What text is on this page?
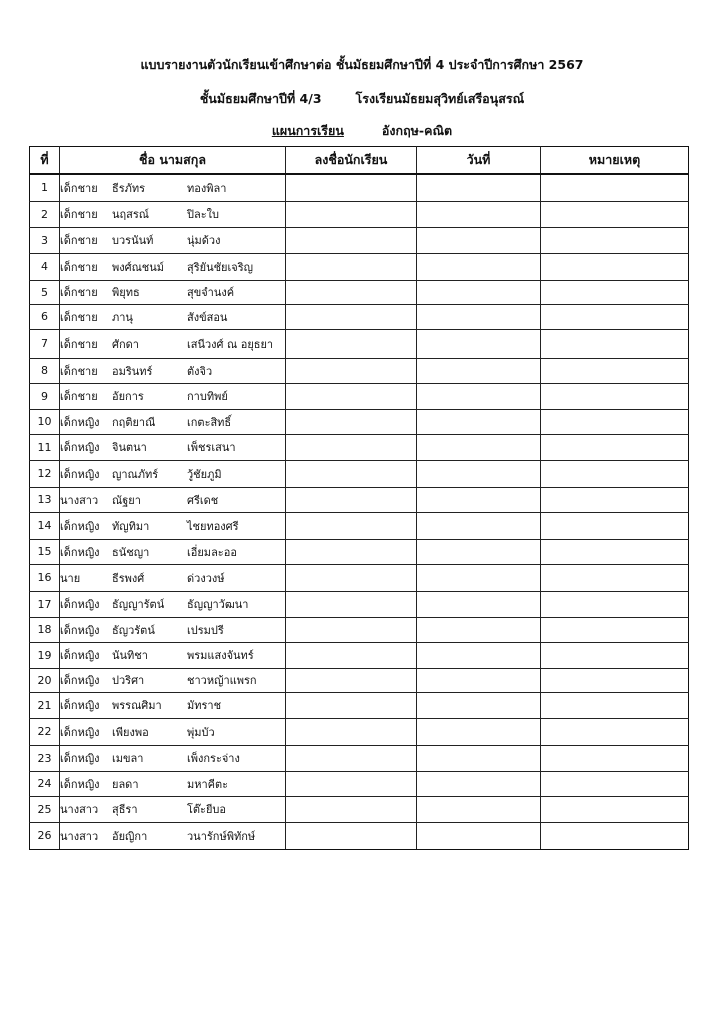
แบบรายงานตัวนักเรียนเข้าศึกษาต่อ ชั้นมัธยมศึกษาปีที่ 4 ประจำปีการศึกษา 2567
ชั้นมัธยมศึกษาปีที่ 4/3	โรงเรียนมัธยมสุวิทย์เสรีอนุสรณ์
แผนการเรียน	อังกฤษ-คณิต
ที่	ชื่อ นามสกุล	ลงชื่อนักเรียน	วันที่	หมายเหตุ
1	เด็กชาย ธีรภัทร ทองพิลา			
2	เด็กชาย นฤสรณ์ ปิละใบ			
3	เด็กชาย บวรนันท์ นุ่มด้วง			
4	เด็กชาย พงศ์ณชนม์ สุริยันชัยเจริญ			
5	เด็กชาย พิยุทธ สุขจำนงค์			
6	เด็กชาย ภานุ สังข์สอน			
7	เด็กชาย ศักดา เสนีวงศ์ ณ อยุธยา			
8	เด็กชาย อมรินทร์ ตังจิว			
9	เด็กชาย อัยการ กาบทิพย์			
10	เด็กหญิง กฤติยาณี เกตะสิทธิ์			
11	เด็กหญิง จินตนา เพ็ชรเสนา			
12	เด็กหญิง ญาณภัทร์ วู้ชัยภูมิ			
13	นางสาว ณัฐยา ศรีเดช			
14	เด็กหญิง ทัญทิมา ไชยทองศรี			
15	เด็กหญิง ธนัชญา เอี่ยมละออ			
16	นาย ธีรพงศ์ ด่วงวงษ์			
17	เด็กหญิง ธัญญารัตน์ ธัญญาวัฒนา			
18	เด็กหญิง ธัญวรัตน์ เปรมปรี			
19	เด็กหญิง นันทิชา พรมแสงจันทร์			
20	เด็กหญิง ปวริศา ชาวหญ้าแพรก			
21	เด็กหญิง พรรณศิมา มัทราช			
22	เด็กหญิง เพียงพอ พุ่มบัว			
23	เด็กหญิง เมขลา เพ็งกระจ่าง			
24	เด็กหญิง ยลดา มหาคีตะ			
25	นางสาว สุธีรา โต๊ะยีบอ			
26	นางสาว อัยญิกา วนารักษ์พิทักษ์			
